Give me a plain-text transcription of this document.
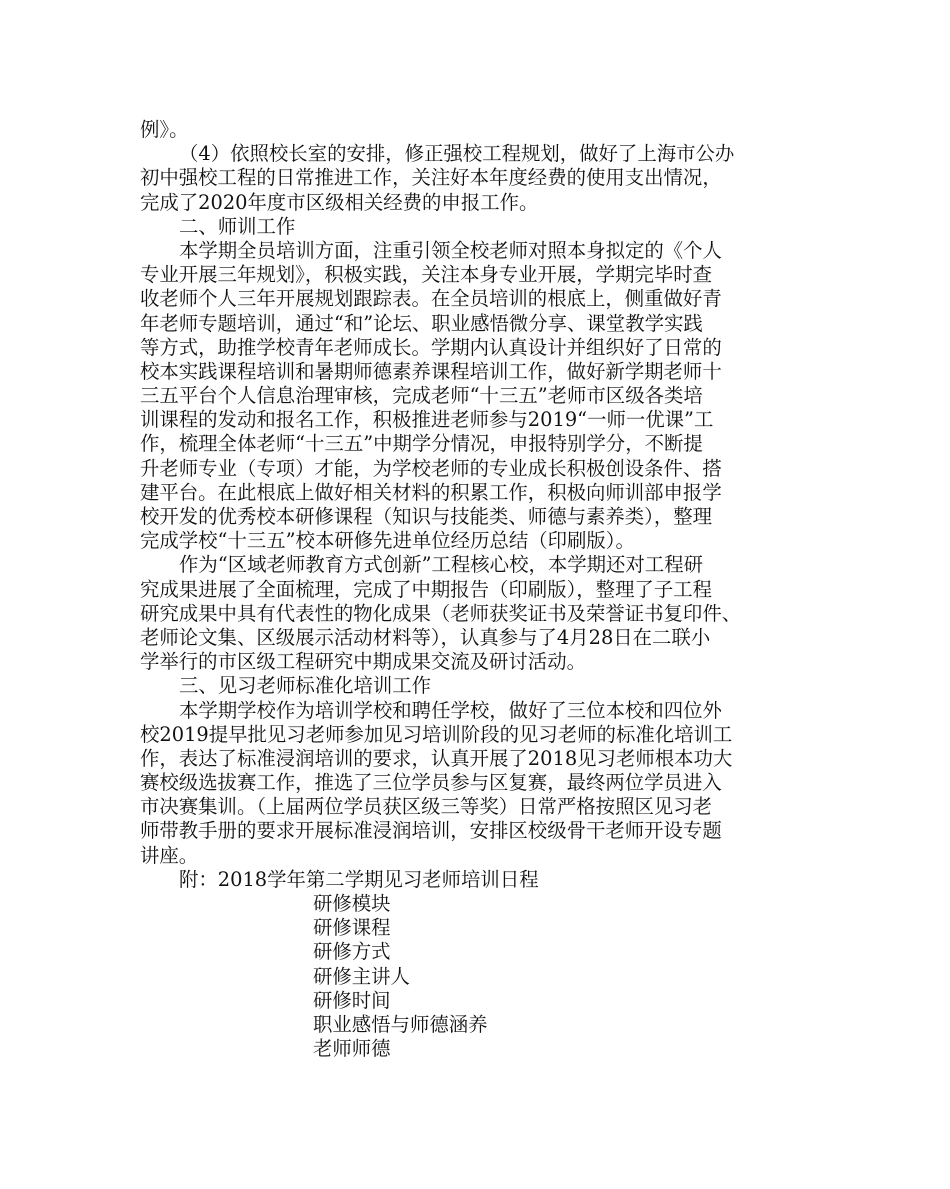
例》。
（4）依照校长室的安排，修正强校工程规划，做好了上海市公办
初中强校工程的日常推进工作，关注好本年度经费的使用支出情况，
完成了2020年度市区级相关经费的申报工作。
二、师训工作
本学期全员培训方面，注重引领全校老师对照本身拟定的《个人
专业开展三年规划》，积极实践，关注本身专业开展，学期完毕时查
收老师个人三年开展规划跟踪表。在全员培训的根底上，侧重做好青
年老师专题培训，通过“和”论坛、职业感悟微分享、课堂教学实践
等方式，助推学校青年老师成长。学期内认真设计并组织好了日常的
校本实践课程培训和暑期师德素养课程培训工作，做好新学期老师十
三五平台个人信息治理审核，完成老师“十三五”老师市区级各类培
训课程的发动和报名工作，积极推进老师参与2019“一师一优课”工
作，梳理全体老师“十三五”中期学分情况，申报特别学分，不断提
升老师专业（专项）才能，为学校老师的专业成长积极创设条件、搭
建平台。在此根底上做好相关材料的积累工作，积极向师训部申报学
校开发的优秀校本研修课程（知识与技能类、师德与素养类），整理
完成学校“十三五”校本研修先进单位经历总结（印刷版）。
作为“区域老师教育方式创新”工程核心校，本学期还对工程研
究成果进展了全面梳理，完成了中期报告（印刷版），整理了子工程
研究成果中具有代表性的物化成果（老师获奖证书及荣誉证书复印件、
老师论文集、区级展示活动材料等），认真参与了4月28日在二联小
学举行的市区级工程研究中期成果交流及研讨活动。
三、见习老师标准化培训工作
本学期学校作为培训学校和聘任学校，做好了三位本校和四位外
校2019提早批见习老师参加见习培训阶段的见习老师的标准化培训工
作，表达了标准浸润培训的要求，认真开展了2018见习老师根本功大
赛校级选拔赛工作，推选了三位学员参与区复赛，最终两位学员进入
市决赛集训。（上届两位学员获区级三等奖）日常严格按照区见习老
师带教手册的要求开展标准浸润培训，安排区校级骨干老师开设专题
讲座。
附：2018学年第二学期见习老师培训日程
研修模块
研修课程
研修方式
研修主讲人
研修时间
职业感悟与师德涵养
老师师德
